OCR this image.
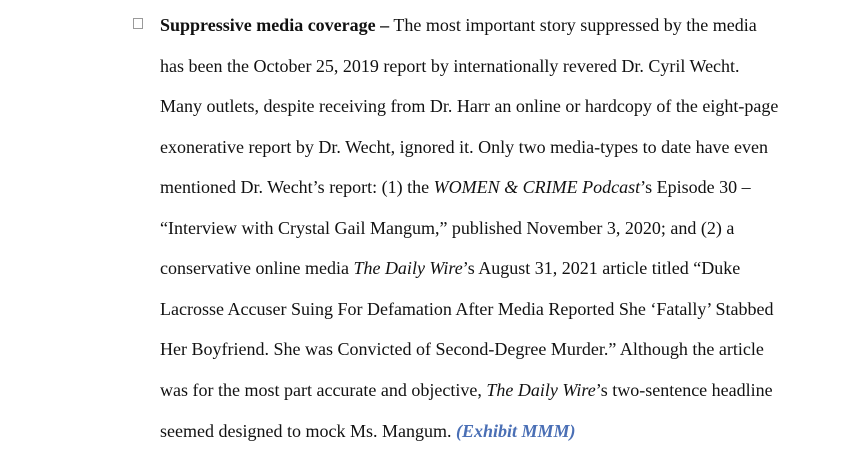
Suppressive media coverage – The most important story suppressed by the media
has been the October 25, 2019 report by internationally revered Dr. Cyril Wecht.
Many outlets, despite receiving from Dr. Harr an online or hardcopy of the eight-page
exonerative report by Dr. Wecht, ignored it. Only two media-types to date have even
mentioned Dr. Wecht’s report: (1) the WOMEN & CRIME Podcast’s Episode 30 –
“Interview with Crystal Gail Mangum,” published November 3, 2020; and (2) a
conservative online media The Daily Wire’s August 31, 2021 article titled “Duke
Lacrosse Accuser Suing For Defamation After Media Reported She ‘Fatally’ Stabbed
Her Boyfriend. She was Convicted of Second-Degree Murder.” Although the article
was for the most part accurate and objective, The Daily Wire’s two-sentence headline
seemed designed to mock Ms. Mangum. (Exhibit MMM)
